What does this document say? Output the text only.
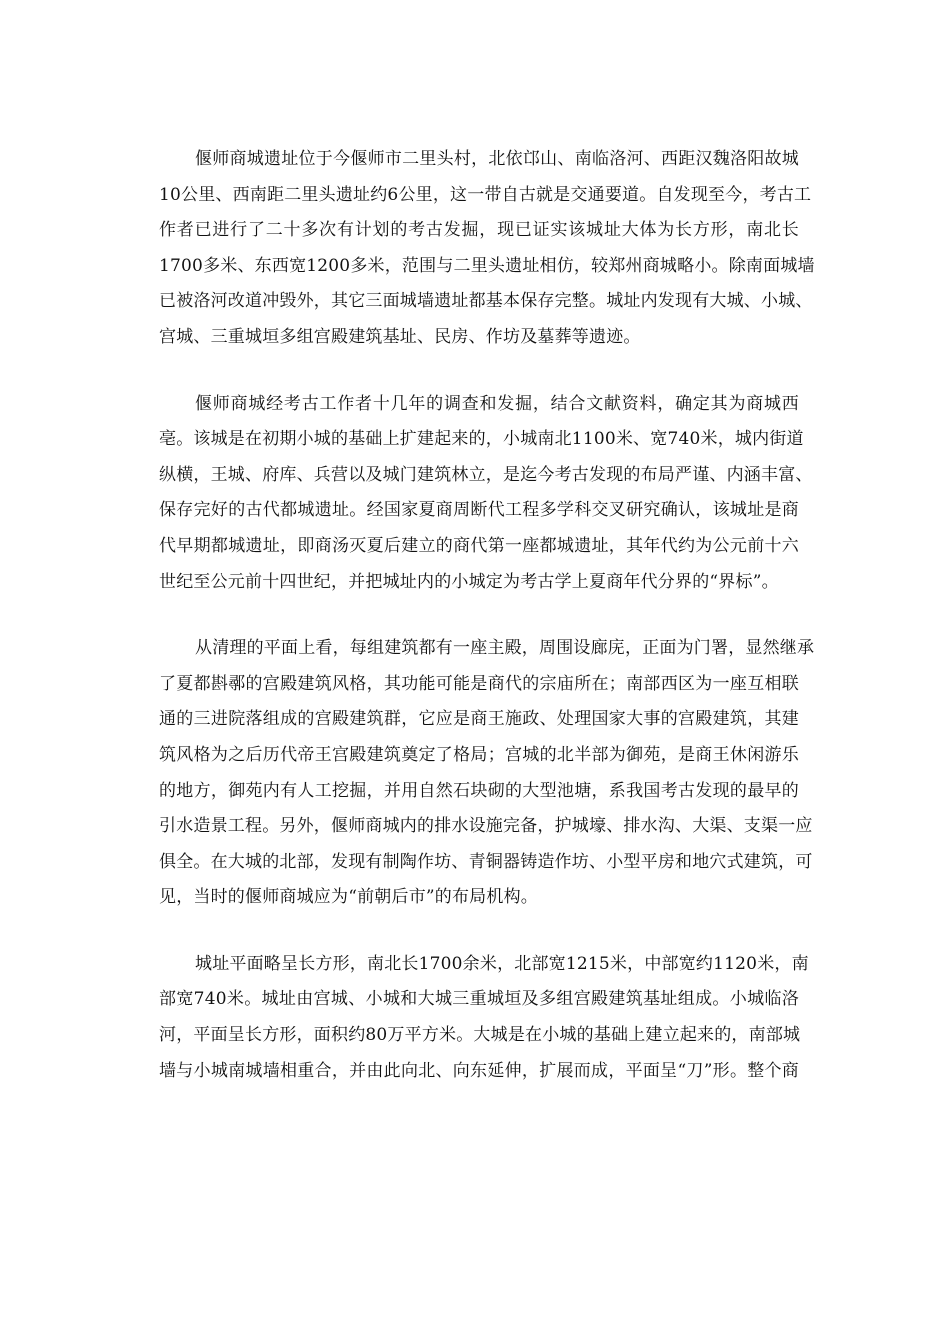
偃师商城遗址位于今偃师市二里头村，北依邙山、南临洛河、西距汉魏洛阳故城
10公里、西南距二里头遗址约6公里，这一带自古就是交通要道。自发现至今，考古工
作者已进行了二十多次有计划的考古发掘，现已证实该城址大体为长方形，南北长
1700多米、东西宽1200多米，范围与二里头遗址相仿，较郑州商城略小。除南面城墙
已被洛河改道冲毁外，其它三面城墙遗址都基本保存完整。城址内发现有大城、小城、
宫城、三重城垣多组宫殿建筑基址、民房、作坊及墓葬等遗迹。
偃师商城经考古工作者十几年的调查和发掘，结合文献资料，确定其为商城西
亳。该城是在初期小城的基础上扩建起来的，小城南北1100米、宽740米，城内街道
纵横，王城、府库、兵营以及城门建筑林立，是迄今考古发现的布局严谨、内涵丰富、
保存完好的古代都城遗址。经国家夏商周断代工程多学科交叉研究确认，该城址是商
代早期都城遗址，即商汤灭夏后建立的商代第一座都城遗址，其年代约为公元前十六
世纪至公元前十四世纪，并把城址内的小城定为考古学上夏商年代分界的“界标”。
从清理的平面上看，每组建筑都有一座主殿，周围设廊庑，正面为门署，显然继承
了夏都斟鄩的宫殿建筑风格，其功能可能是商代的宗庙所在；南部西区为一座互相联
通的三进院落组成的宫殿建筑群，它应是商王施政、处理国家大事的宫殿建筑，其建
筑风格为之后历代帝王宫殿建筑奠定了格局；宫城的北半部为御苑，是商王休闲游乐
的地方，御苑内有人工挖掘，并用自然石块砌的大型池塘，系我国考古发现的最早的
引水造景工程。另外，偃师商城内的排水设施完备，护城壕、排水沟、大渠、支渠一应
俱全。在大城的北部，发现有制陶作坊、青铜器铸造作坊、小型平房和地穴式建筑，可
见，当时的偃师商城应为“前朝后市”的布局机构。
城址平面略呈长方形，南北长1700余米，北部宽1215米，中部宽约1120米，南
部宽740米。城址由宫城、小城和大城三重城垣及多组宫殿建筑基址组成。小城临洛
河，平面呈长方形，面积约80万平方米。大城是在小城的基础上建立起来的，南部城
墙与小城南城墙相重合，并由此向北、向东延伸，扩展而成，平面呈“刀”形。整个商
